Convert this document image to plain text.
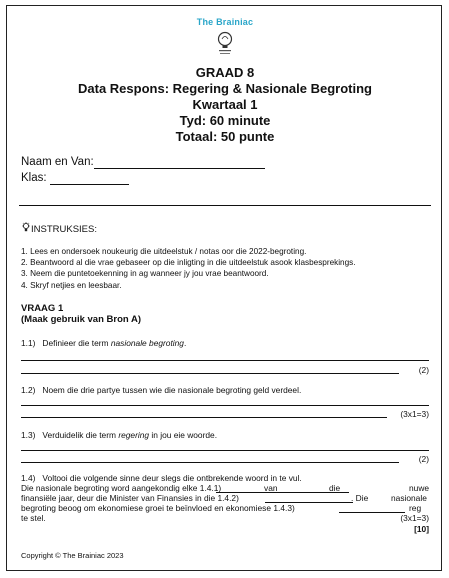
The Brainiac
GRAAD 8
Data Respons: Regering & Nasionale Begroting
Kwartaal 1
Tyd: 60 minute
Totaal: 50 punte
Naam en Van:
Klas:
INSTRUKSIES:
1. Lees en ondersoek noukeurig die uitdeelstuk / notas oor die 2022-begroting.
2. Beantwoord al die vrae gebaseer op die inligting in die uitdeelstuk asook klasbesprekings.
3. Neem die puntetoekenning in ag wanneer jy jou vrae beantwoord.
4. Skryf netjies en leesbaar.
VRAAG 1
(Maak gebruik van Bron A)
1.1) Definieer die term nasionale begroting.
(2)
1.2) Noem die drie partye tussen wie die nasionale begroting geld verdeel.
(3x1=3)
1.3) Verduidelik die term regering in jou eie woorde.
(2)
1.4) Voltooi die volgende sinne deur slegs die ontbrekende woord in te vul.
Die nasionale begroting word aangekondig elke 1.4.1)	van	die	nuwe
finansiële jaar, deur die Minister van Finansies in die 1.4.2)	. Die	nasionale
begroting beoog om ekonomiese groei te beïnvloed en ekonomiese 1.4.3)	reg
te stel.	(3x1=3)
[10]
Copyright © The Brainiac 2023
